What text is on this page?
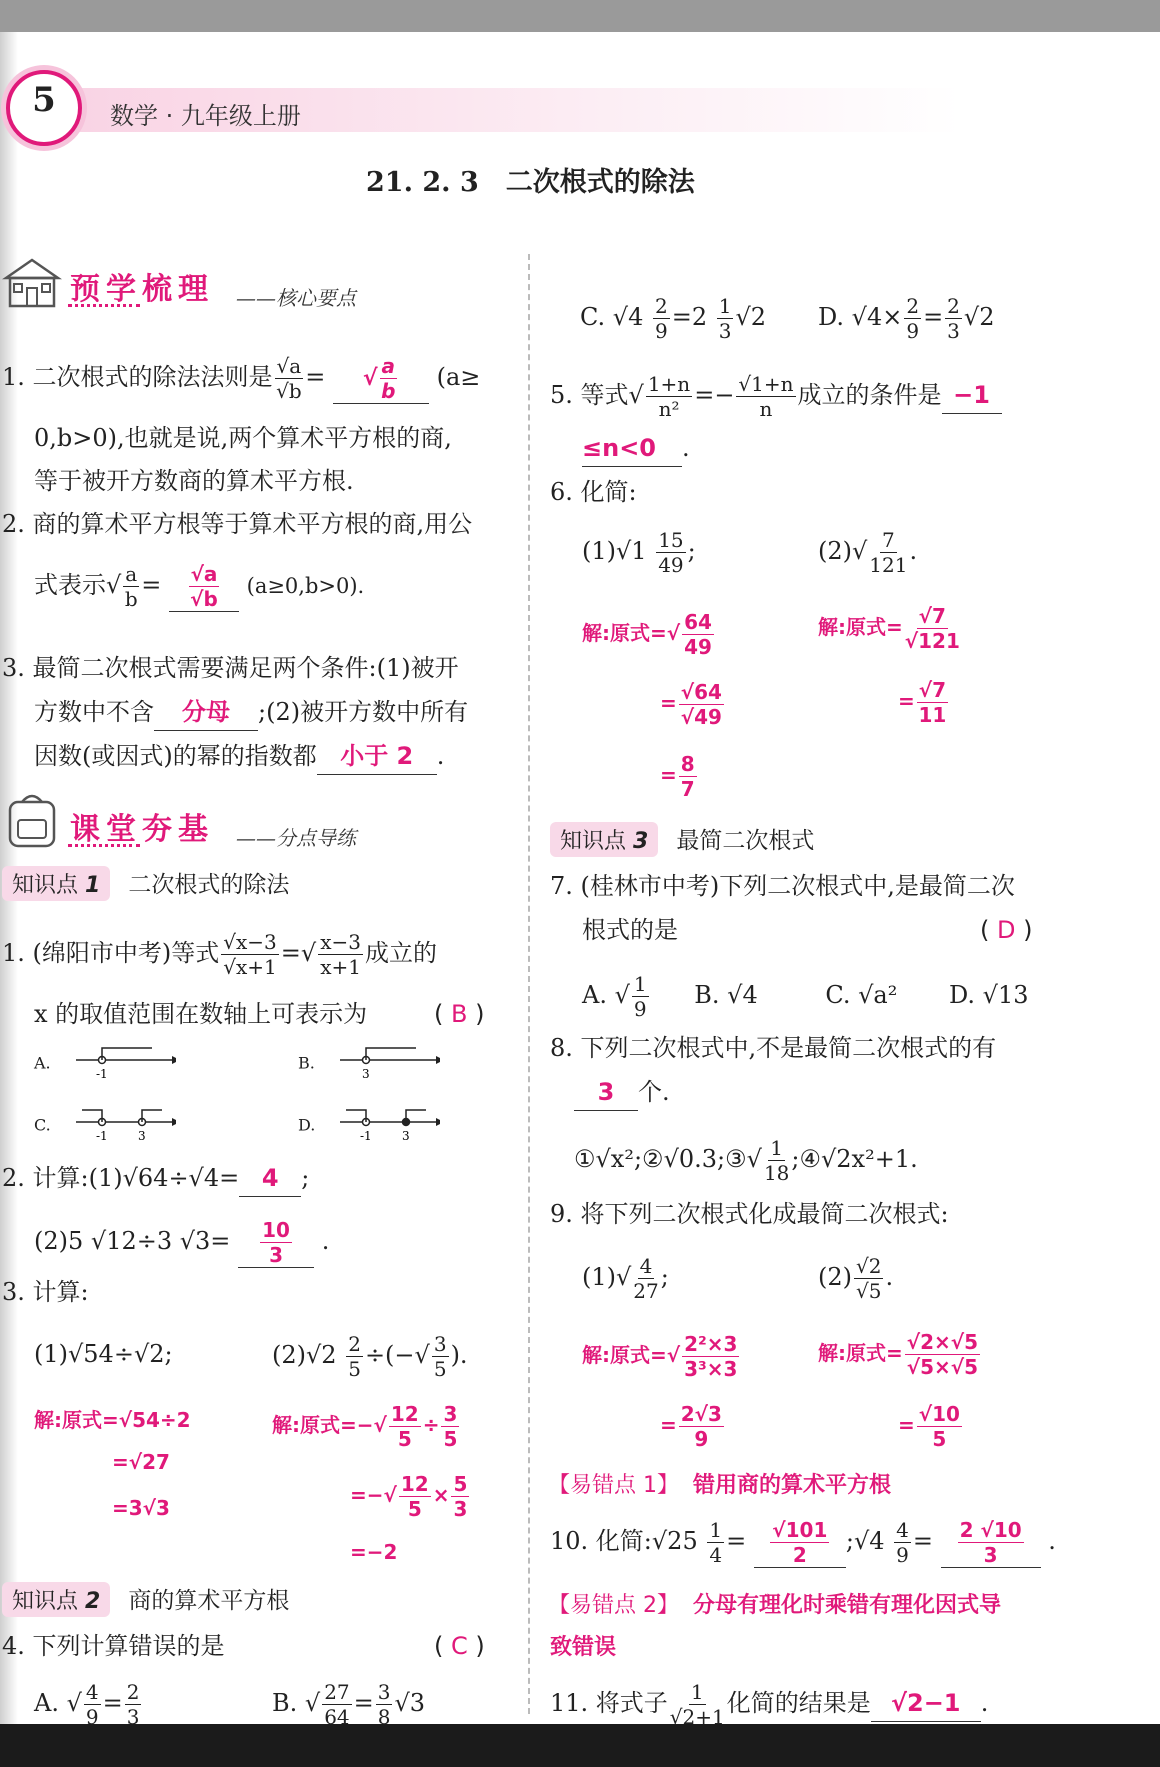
5	数学 · 九年级上册
21. 2. 3　二次根式的除法
预学梳理 ——核心要点
1. 二次根式的除法法则是 $\frac{√a}{√b}$ = √ $\frac{a}{b} (a\ge$
0,b>0),也就是说,两个算术平方根的商,
等于被开方数商的算术平方根.
2. 商的算术平方根等于算术平方根的商,用公
式表示√ $\frac{a}{b} = \frac{√a}{√b} (a\ge 0,b>0)$.
3. 最简二次根式需要满足两个条件:(1)被开
方数中不含 分母 ;(2)被开方数中所有
因数(或因式)的幂的指数都 小于 2 .
课堂夯基 ——分点导练
知识点 1 二次根式的除法
1. (绵阳市中考)等式 $\frac{√x-3}{√x+1}$ =√ $\frac{x-3}{x+1}$ 成立的
x 的取值范围在数轴上可表示为	( B )
A.
-1
B.
3
C.
-1	3
D.
-1	3
2. 计算:(1)√64÷√4= 4 ;
(2)5 √12÷3 $√3= \frac{10}{3}$ .
3. 计算:
(1)√54÷√2;	$(2)√2 \frac{2}{5}$ ÷(−√ $\frac{3}{5}$ ).
解:原式=√54÷2
=√27
=3√3
解:原式=−√ $\frac{12}{5} \div \frac{3}{5}$
=−√ $\frac{12}{5} \times \frac{5}{3}$
=−2
知识点 2 商的算术平方根
4. 下列计算错误的是	( C )
A. √ $\frac{4}{9} = \frac{2}{3}$	B. √ $\frac{27}{64} = \frac{3}{8} √3$
C. $√4 \frac{2}{9} =2 \frac{1}{3} √2$ D. $√4\times \frac{2}{9} = \frac{2}{3} √2$
5. 等式√ $\frac{1+n}{\text{n²}} =- \frac{√1+n}{n}$ 成立的条件是 −1
≤n<0 .
6. 化简:
$(1)√1 \frac{15}{49}$ ;	$(2)√ \frac{7}{121}$ .
解:原式=√ $\frac{64}{49}$
= $\frac{√64}{√49}$
= $\frac{8}{7}$
解:原式= $\frac{√7}{√121}$
= $\frac{√7}{11}$
知识点 3 最简二次根式
7. (桂林市中考)下列二次根式中,是最简二次
根式的是	( D )
A. √ $\frac{1}{9} B$. √4	C. √a² D. √13
8. 下列二次根式中,不是最简二次根式的有
3 个.
①√x²;②√0.3;③√ $\frac{1}{18}$ ;④√2x²+1.
9. 将下列二次根式化成最简二次根式:
$(1)√ \frac{4}{27}$ ;	$(2) \frac{√2}{√5}$ .
解:原式=√ $\frac{\text{2²×3}}{\text{3³×3}}$
= $\frac{2√3}{9}$
解:原式= $\frac{√2\times√5}{√5\times√5}$
= $\frac{√10}{5}$
【易错点 1】 错用商的算术平方根
10. 化简:√25 $\frac{1}{4} = \frac{√101}{2}$ ;√4 $\frac{4}{9} = \frac{2 √10}{3}$ .
【易错点 2】 分母有理化时乘错有理化因式导
致错误
11. 将式子 $\frac{1}{√2+1}$ 化简的结果是 √2−1 .
